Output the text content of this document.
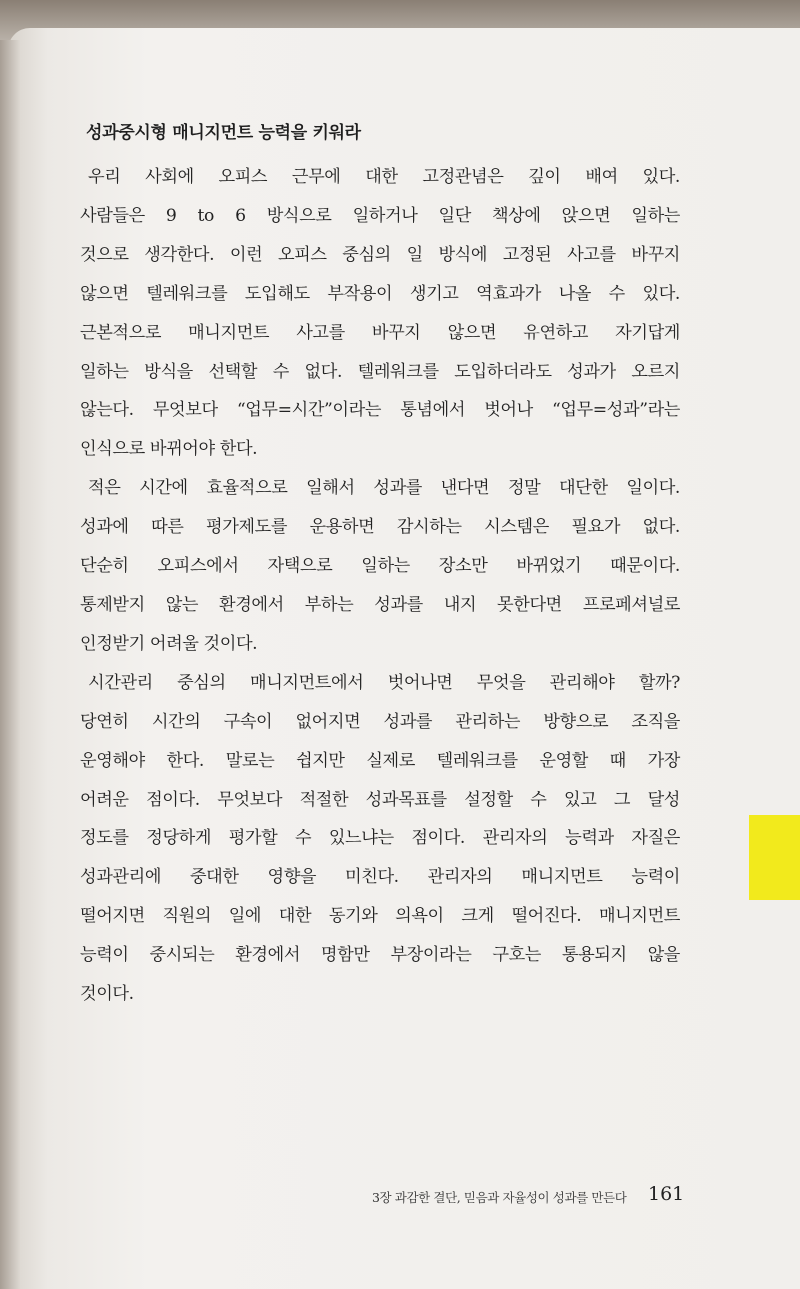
성과중시형 매니지먼트 능력을 키워라
우리 사회에 오피스 근무에 대한 고정관념은 깊이 배여 있다.
사람들은 9 to 6 방식으로 일하거나 일단 책상에 앉으면 일하는
것으로 생각한다. 이런 오피스 중심의 일 방식에 고정된 사고를 바꾸지
않으면 텔레워크를 도입해도 부작용이 생기고 역효과가 나올 수 있다.
근본적으로 매니지먼트 사고를 바꾸지 않으면 유연하고 자기답게
일하는 방식을 선택할 수 없다. 텔레워크를 도입하더라도 성과가 오르지
않는다. 무엇보다 “업무=시간”이라는 통념에서 벗어나 “업무=성과”라는
인식으로 바뀌어야 한다.
적은 시간에 효율적으로 일해서 성과를 낸다면 정말 대단한 일이다.
성과에 따른 평가제도를 운용하면 감시하는 시스템은 필요가 없다.
단순히 오피스에서 자택으로 일하는 장소만 바뀌었기 때문이다.
통제받지 않는 환경에서 부하는 성과를 내지 못한다면 프로페셔널로
인정받기 어려울 것이다.
시간관리 중심의 매니지먼트에서 벗어나면 무엇을 관리해야 할까?
당연히 시간의 구속이 없어지면 성과를 관리하는 방향으로 조직을
운영해야 한다. 말로는 쉽지만 실제로 텔레워크를 운영할 때 가장
어려운 점이다. 무엇보다 적절한 성과목표를 설정할 수 있고 그 달성
정도를 정당하게 평가할 수 있느냐는 점이다. 관리자의 능력과 자질은
성과관리에 중대한 영향을 미친다. 관리자의 매니지먼트 능력이
떨어지면 직원의 일에 대한 동기와 의욕이 크게 떨어진다. 매니지먼트
능력이 중시되는 환경에서 명함만 부장이라는 구호는 통용되지 않을
것이다.
3장 과감한 결단, 믿음과 자율성이 성과를 만든다 161
